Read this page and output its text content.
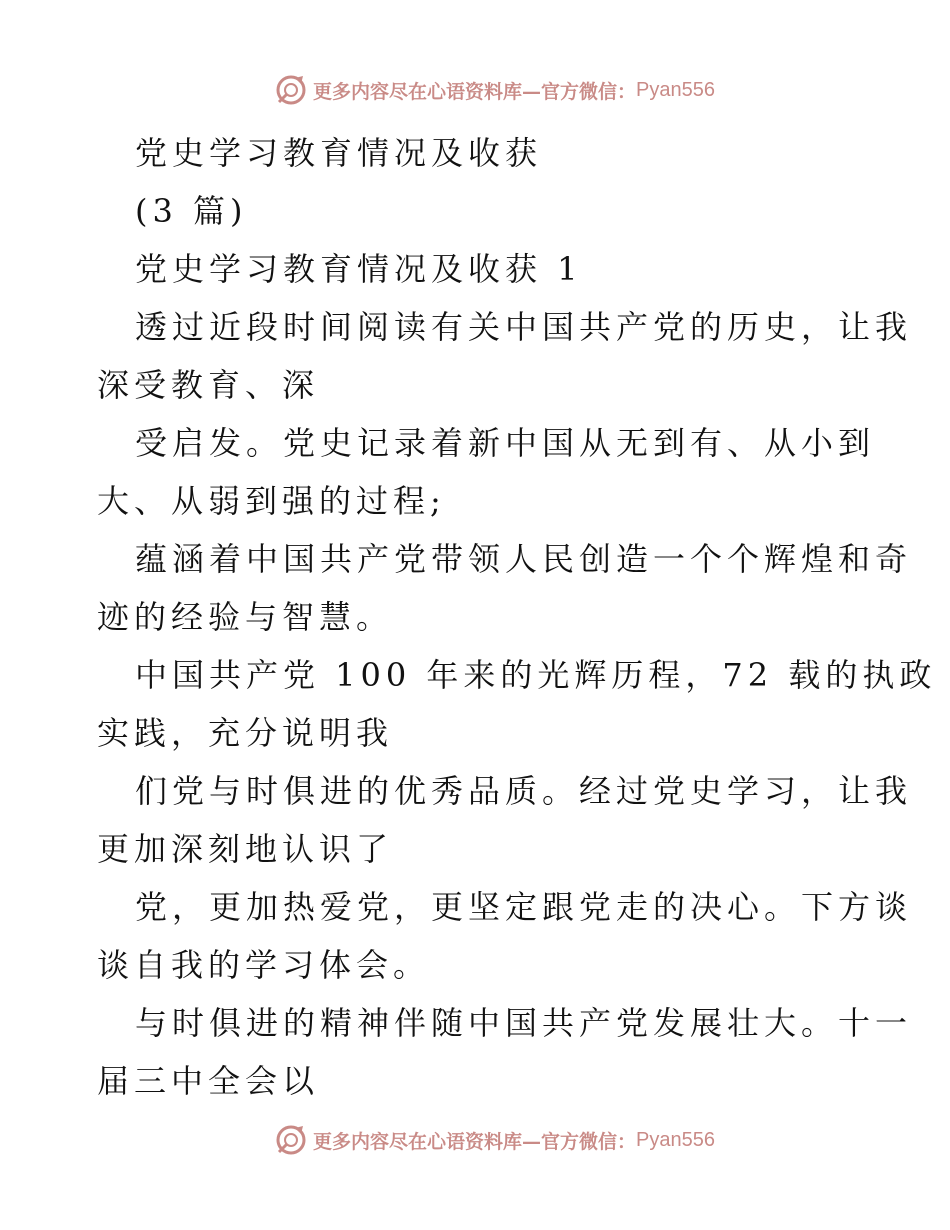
更多内容尽在心语资料库—官方微信： Pyan556
党史学习教育情况及收获
(3 篇)
党史学习教育情况及收获 1
透过近段时间阅读有关中国共产党的历史，让我
深受教育、深
受启发。党史记录着新中国从无到有、从小到
大、从弱到强的过程;
蕴涵着中国共产党带领人民创造一个个辉煌和奇
迹的经验与智慧。
中国共产党 100 年来的光辉历程，72 载的执政
实践，充分说明我
们党与时俱进的优秀品质。经过党史学习，让我
更加深刻地认识了
党，更加热爱党，更坚定跟党走的决心。下方谈
谈自我的学习体会。
与时俱进的精神伴随中国共产党发展壮大。十一
届三中全会以
更多内容尽在心语资料库—官方微信： Pyan556
